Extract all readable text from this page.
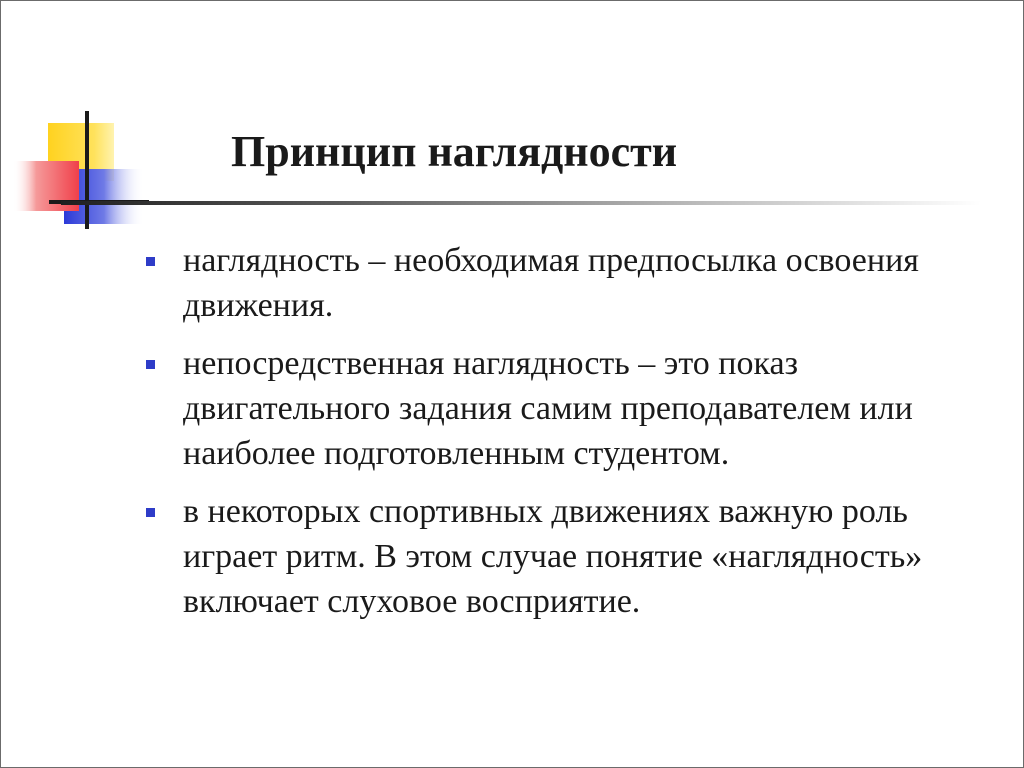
Принцип наглядности
наглядность – необходимая предпосылка освоения движения.
непосредственная наглядность – это показ двигательного задания самим преподавателем или наиболее подготовленным студентом.
в некоторых спортивных движениях важную роль играет ритм. В этом случае понятие «наглядность» включает слуховое восприятие.
